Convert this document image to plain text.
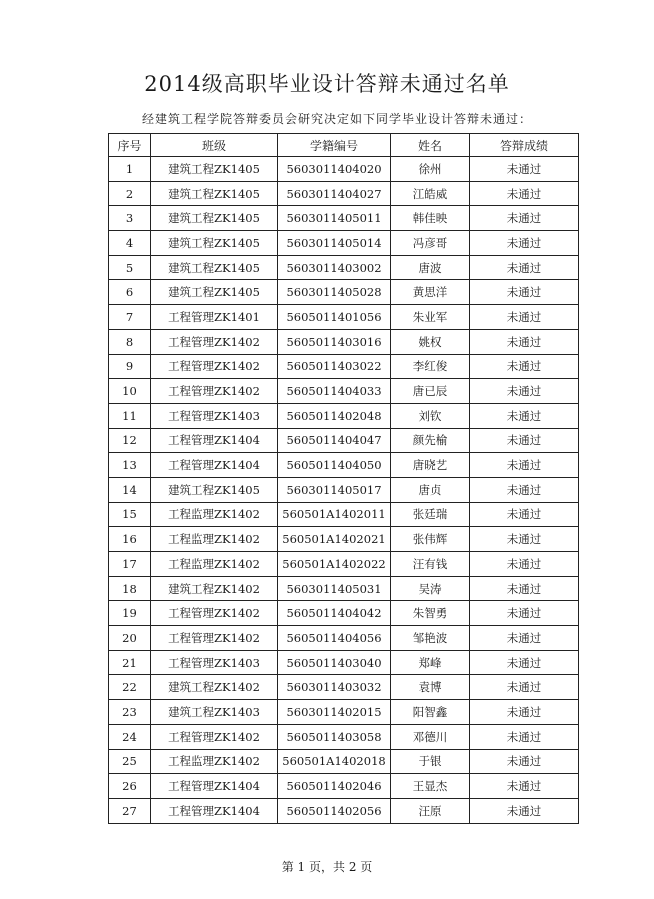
2014级高职毕业设计答辩未通过名单
经建筑工程学院答辩委员会研究决定如下同学毕业设计答辩未通过：
序号	班级	学籍编号	姓名	答辩成绩
1	建筑工程ZK1405	5603011404020	徐州	未通过
2	建筑工程ZK1405	5603011404027	江皓威	未通过
3	建筑工程ZK1405	5603011405011	韩佳映	未通过
4	建筑工程ZK1405	5603011405014	冯彦哥	未通过
5	建筑工程ZK1405	5603011403002	唐波	未通过
6	建筑工程ZK1405	5603011405028	黄思洋	未通过
7	工程管理ZK1401	5605011401056	朱业军	未通过
8	工程管理ZK1402	5605011403016	姚权	未通过
9	工程管理ZK1402	5605011403022	李红俊	未通过
10	工程管理ZK1402	5605011404033	唐已辰	未通过
11	工程管理ZK1403	5605011402048	刘钦	未通过
12	工程管理ZK1404	5605011404047	颜先榆	未通过
13	工程管理ZK1404	5605011404050	唐晓艺	未通过
14	建筑工程ZK1405	5603011405017	唐贞	未通过
15	工程监理ZK1402	560501A1402011	张廷瑞	未通过
16	工程监理ZK1402	560501A1402021	张伟辉	未通过
17	工程监理ZK1402	560501A1402022	汪有钱	未通过
18	建筑工程ZK1402	5603011405031	吴涛	未通过
19	工程管理ZK1402	5605011404042	朱智勇	未通过
20	工程管理ZK1402	5605011404056	邹艳波	未通过
21	工程管理ZK1403	5605011403040	郑峰	未通过
22	建筑工程ZK1402	5603011403032	袁博	未通过
23	建筑工程ZK1403	5603011402015	阳智鑫	未通过
24	工程管理ZK1402	5605011403058	邓德川	未通过
25	工程监理ZK1402	560501A1402018	于银	未通过
26	工程管理ZK1404	5605011402046	王显杰	未通过
27	工程管理ZK1404	5605011402056	汪原	未通过
第 1 页，共 2 页
